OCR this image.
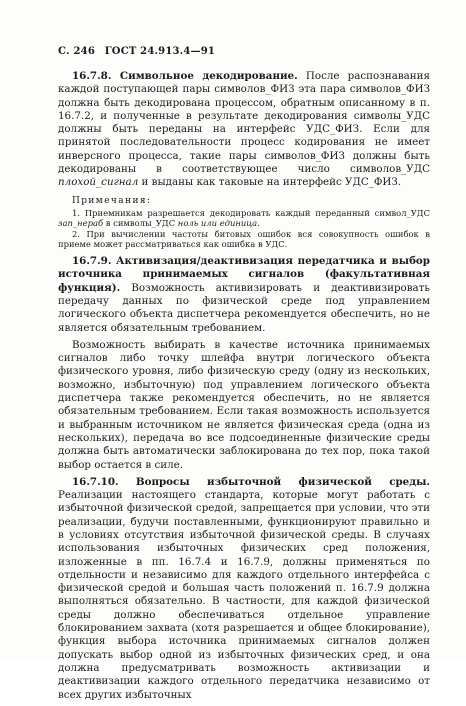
С. 246 ГОСТ 24.913.4—91

16.7.8. Символьное декодирование. После распознавания каждой поступающей пары символов_ФИЗ эта пара символов_ФИЗ должна быть декодирована процессом, обратным описанному в п. 16.7.2, и полученные в результате декодирования символы_УДС должны быть переданы на интерфейс УДС_ФИЗ. Если для принятой последовательности процесс кодирования не имеет инверсного процесса, такие пары символов_ФИЗ должны быть декодированы в соответствующее число символов_УДС плохой_сигнал и выданы как таковые на интерфейс УДС_ФИЗ.

Примечания:

1. Приемникам разрешается декодировать каждый переданный символ_УДС зап_нераб в символы_УДС ноль или единица.

2. При вычислении частоты битовых ошибок вся совокупность ошибок в приеме может рассматриваться как ошибка в УДС.

16.7.9. Активизация/деактивизация передатчика и выбор источника принимаемых сигналов (факультативная функция). Возможность активизировать и деактивизировать передачу данных по физической среде под управлением логического объекта диспетчера рекомендуется обеспечить, но не является обязательным требованием.

Возможность выбирать в качестве источника принимаемых сигналов либо точку шлейфа внутри логического объекта физического уровня, либо физическую среду (одну из нескольких, возможно, избыточную) под управлением логического объекта диспетчера также рекомендуется обеспечить, но не является обязательным требованием. Если такая возможность используется и выбранным источником не является физическая среда (одна из нескольких), передача во все подсоединенные физические среды должна быть автоматически заблокирована до тех пор, пока такой выбор остается в силе.

16.7.10. Вопросы избыточной физической среды. Реализации настоящего стандарта, которые могут работать с избыточной физической средой, запрещается при условии, что эти реализации, будучи поставленными, функционируют правильно и в условиях отсутствия избыточной физической среды. В случаях использования избыточных физических сред положения, изложенные в пп. 16.7.4 и 16.7.9, должны применяться по отдельности и независимо для каждого отдельного интерфейса с физической средой и большая часть положений п. 16.7.9 должна выполняться обязательно. В частности, для каждой физической среды должно обеспечиваться отдельное управление блокированием захвата (хотя разрешается и общее блокирование), функция выбора источника принимаемых сигналов должен допускать выбор одной из избыточных физических сред, и она должна предусматривать возможность активизации и деактивизации каждого отдельного передатчика независимо от всех других избыточных
